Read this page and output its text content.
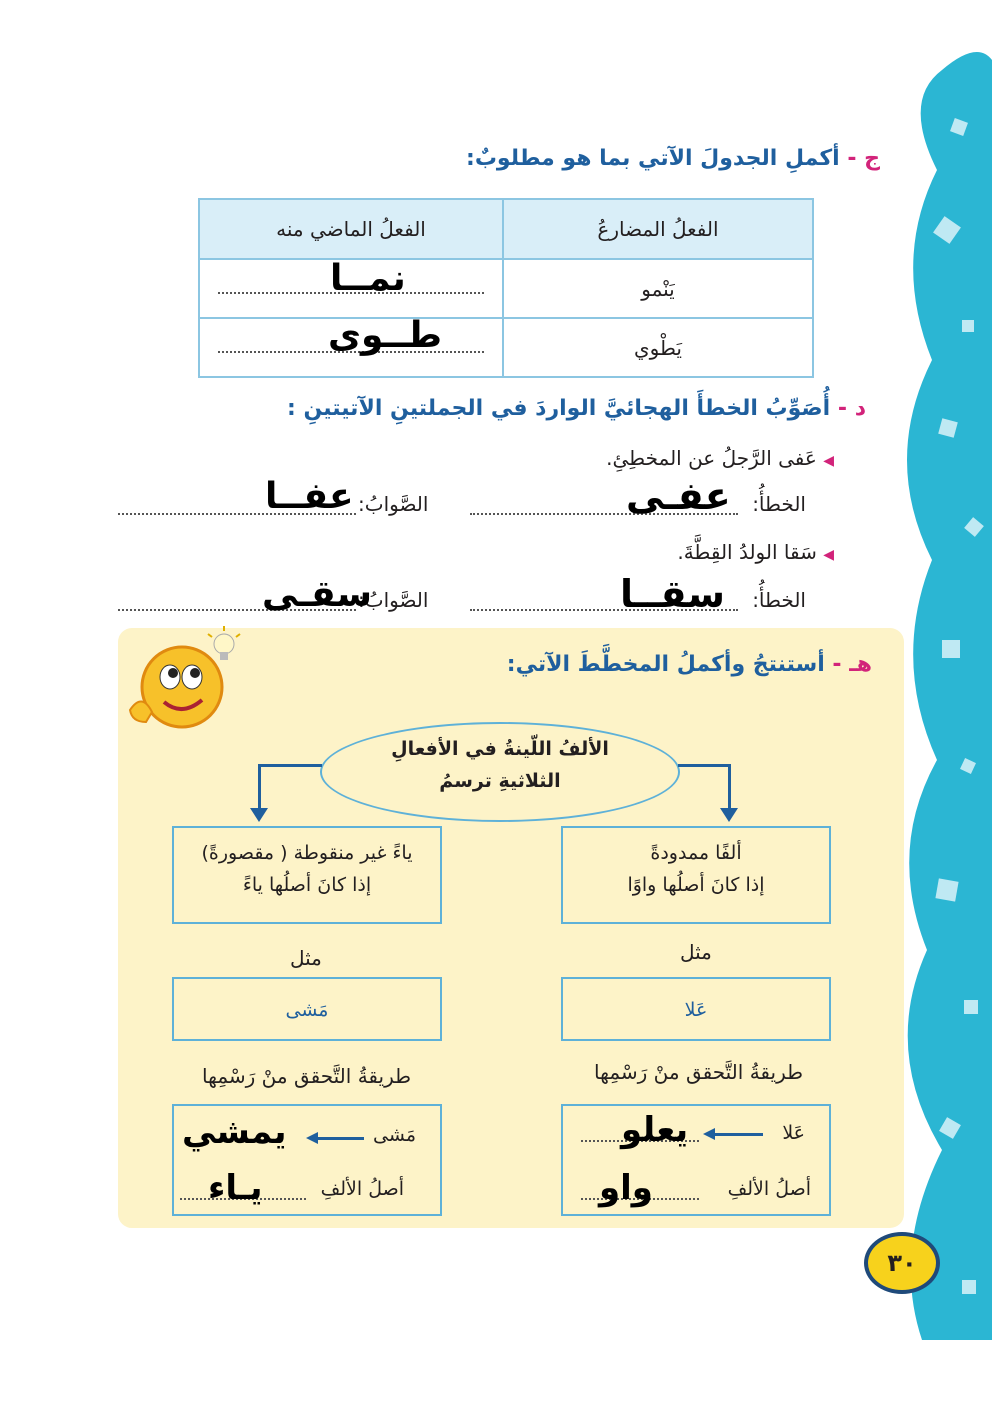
ج - أكملِ الجدولَ الآتي بما هو مطلوبٌ:
الفعلُ المضارعُ	الفعلُ الماضي منه
يَنْمو	نمــا

يَطْوي	طــوى
د - أُصَوِّبُ الخطأَ الهجائيَّ الواردَ في الجملتينِ الآتيتينِ :
◀ عَفى الرَّجلُ عن المخطِئِ.
الخطأُ:
عفـى
الصَّوابُ:
عفــا
◀ سَقا الولدُ القِطَّةَ.
الخطأُ:
سقــا
الصَّوابُ:
سقـى
هـ - أستنتجُ وأكملُ المخطَّطَ الآتي:
الألفُ اللّينةُ في الأفعالِ
الثلاثيةِ ترسمُ
ألفًا ممدودةً
إذا كانَ أصلُها واوًا
ياءً غير منقوطة ( مقصورةً)
إذا كانَ أصلُها ياءً
مثل
مثل
عَلا
مَشى
طريقةُ التَّحقق منْ رَسْمِها
طريقةُ التَّحقق منْ رَسْمِها
عَلا
يعلو
أصلُ الألفِ
واو
مَشى
يمشي
أصلُ الألفِ
يـاء
٣٠
